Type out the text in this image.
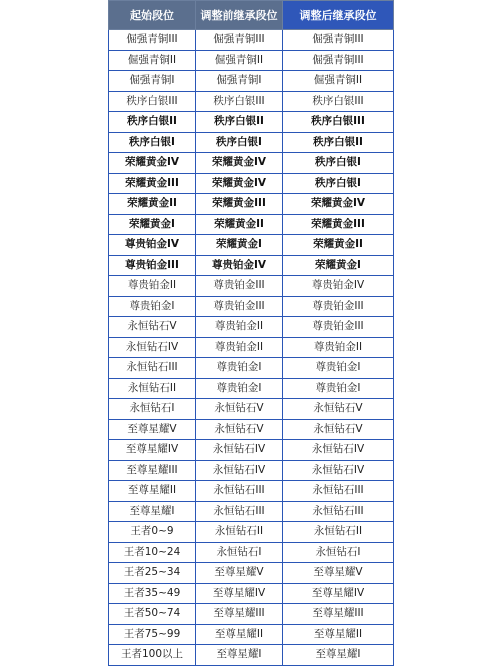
起始段位	调整前继承段位	调整后继承段位
倔强青铜III	倔强青铜III	倔强青铜III
倔强青铜II	倔强青铜II	倔强青铜III
倔强青铜I	倔强青铜I	倔强青铜II
秩序白银III	秩序白银III	秩序白银III
秩序白银II	秩序白银II	秩序白银III
秩序白银I	秩序白银I	秩序白银II
荣耀黄金IV	荣耀黄金IV	秩序白银I
荣耀黄金III	荣耀黄金IV	秩序白银I
荣耀黄金II	荣耀黄金III	荣耀黄金IV
荣耀黄金I	荣耀黄金II	荣耀黄金III
尊贵铂金IV	荣耀黄金I	荣耀黄金II
尊贵铂金III	尊贵铂金IV	荣耀黄金I
尊贵铂金II	尊贵铂金III	尊贵铂金IV
尊贵铂金I	尊贵铂金III	尊贵铂金III
永恒钻石V	尊贵铂金II	尊贵铂金III
永恒钻石IV	尊贵铂金II	尊贵铂金II
永恒钻石III	尊贵铂金I	尊贵铂金I
永恒钻石II	尊贵铂金I	尊贵铂金I
永恒钻石I	永恒钻石V	永恒钻石V
至尊星耀V	永恒钻石V	永恒钻石V
至尊星耀IV	永恒钻石IV	永恒钻石IV
至尊星耀III	永恒钻石IV	永恒钻石IV
至尊星耀II	永恒钻石III	永恒钻石III
至尊星耀I	永恒钻石III	永恒钻石III
王者0~9	永恒钻石II	永恒钻石II
王者10~24	永恒钻石I	永恒钻石I
王者25~34	至尊星耀V	至尊星耀V
王者35~49	至尊星耀IV	至尊星耀IV
王者50~74	至尊星耀III	至尊星耀III
王者75~99	至尊星耀II	至尊星耀II
王者100以上	至尊星耀I	至尊星耀I
